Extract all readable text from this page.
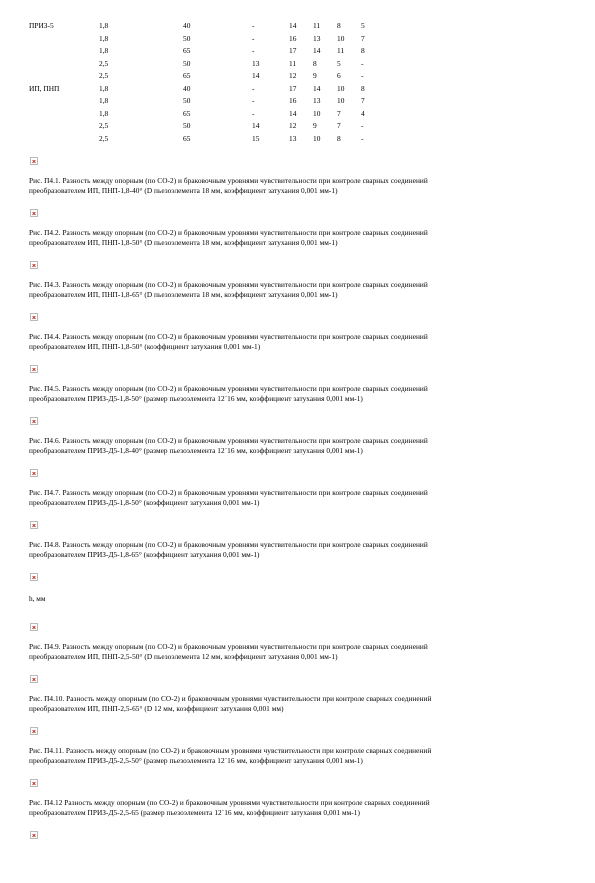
ПРИЗ-5	1,8	40	-	14	11	8	5
	1,8	50	-	16	13	10	7
	1,8	65	-	17	14	11	8
	2,5	50	13	11	8	5	-
	2,5	65	14	12	9	6	-
ИП, ПНП	1,8	40	-	17	14	10	8
	1,8	50	-	16	13	10	7
	1,8	65	-	14	10	7	4
	2,5	50	14	12	9	7	-
	2,5	65	15	13	10	8	-
Рис. П4.1. Разность между опорным (по СО-2) и браковочным уровнями чувствительности при контроле сварных соединений
преобразователем ИП, ПНП-1,8-40° (D пьезоэлемента 18 мм, коэффициент затухания 0,001 мм-1)
Рис. П4.2. Разность между опорным (по СО-2) и браковочным уровнями чувствительности при контроле сварных соединений
преобразователем ИП, ПНП-1,8-50° (D пьезоэлемента 18 мм, коэффициент затухания 0,001 мм-1)
Рис. П4.3. Разность между опорным (по СО-2) и браковочным уровнями чувствительности при контроле сварных соединений
преобразователем ИП, ПНП-1,8-65° (D пьезоэлемента 18 мм, коэффициент затухания 0,001 мм-1)
Рис. П4.4. Разность между опорным (по СО-2) и браковочным уровнями чувствительности при контроле сварных соединений
преобразователем ИП, ПНП-1,8-50° (коэффициент затухания 0,001 мм-1)
Рис. П4.5. Разность между опорным (по СО-2) и браковочным уровнями чувствительности при контроле сварных соединений
преобразователем ПРИЗ-Д5-1,8-50° (размер пьезоэлемента 12´16 мм, коэффициент затухания 0,001 мм-1)
Рис. П4.6. Разность между опорным (по СО-2) и браковочным уровнями чувствительности при контроле сварных соединений
преобразователем ПРИЗ-Д5-1,8-40° (размер пьезоэлемента 12´16 мм, коэффициент затухания 0,001 мм-1)
Рис. П4.7. Разность между опорным (по СО-2) и браковочным уровнями чувствительности при контроле сварных соединений
преобразователем ПРИЗ-Д5-1,8-50° (коэффициент затухания 0,001 мм-1)
Рис. П4.8. Разность между опорным (по СО-2) и браковочным уровнями чувствительности при контроле сварных соединений
преобразователем ПРИЗ-Д5-1,8-65° (коэффициент затухания 0,001 мм-1)
h, мм
Рис. П4.9. Разность между опорным (по СО-2) и браковочным уровнями чувствительности при контроле сварных соединений
преобразователем ИП, ПНП-2,5-50° (D пьезоэлемента 12 мм, коэффициент затухания 0,001 мм-1)
Рис. П4.10. Разность между опорным (по СО-2) и браковочным уровнями чувствительности при контроле сварных соединений
преобразователем ИП, ПНП-2,5-65° (D 12 мм, коэффициент затухания 0,001 мм)
Рис. П4.11. Разность между опорным (по СО-2) и браковочным уровнями чувствительности при контроле сварных соединений
преобразователем ПРИЗ-Д5-2,5-50° (размер пьезоэлемента 12´16 мм, коэффициент затухания 0,001 мм-1)
Рис. П4.12 Разность между опорным (по СО-2) и браковочным уровнями чувствительности при контроле сварных соединений
преобразователем ПРИЗ-Д5-2,5-65 (размер пьезоэлемента 12´16 мм, коэффициент затухания 0,001 мм-1)
